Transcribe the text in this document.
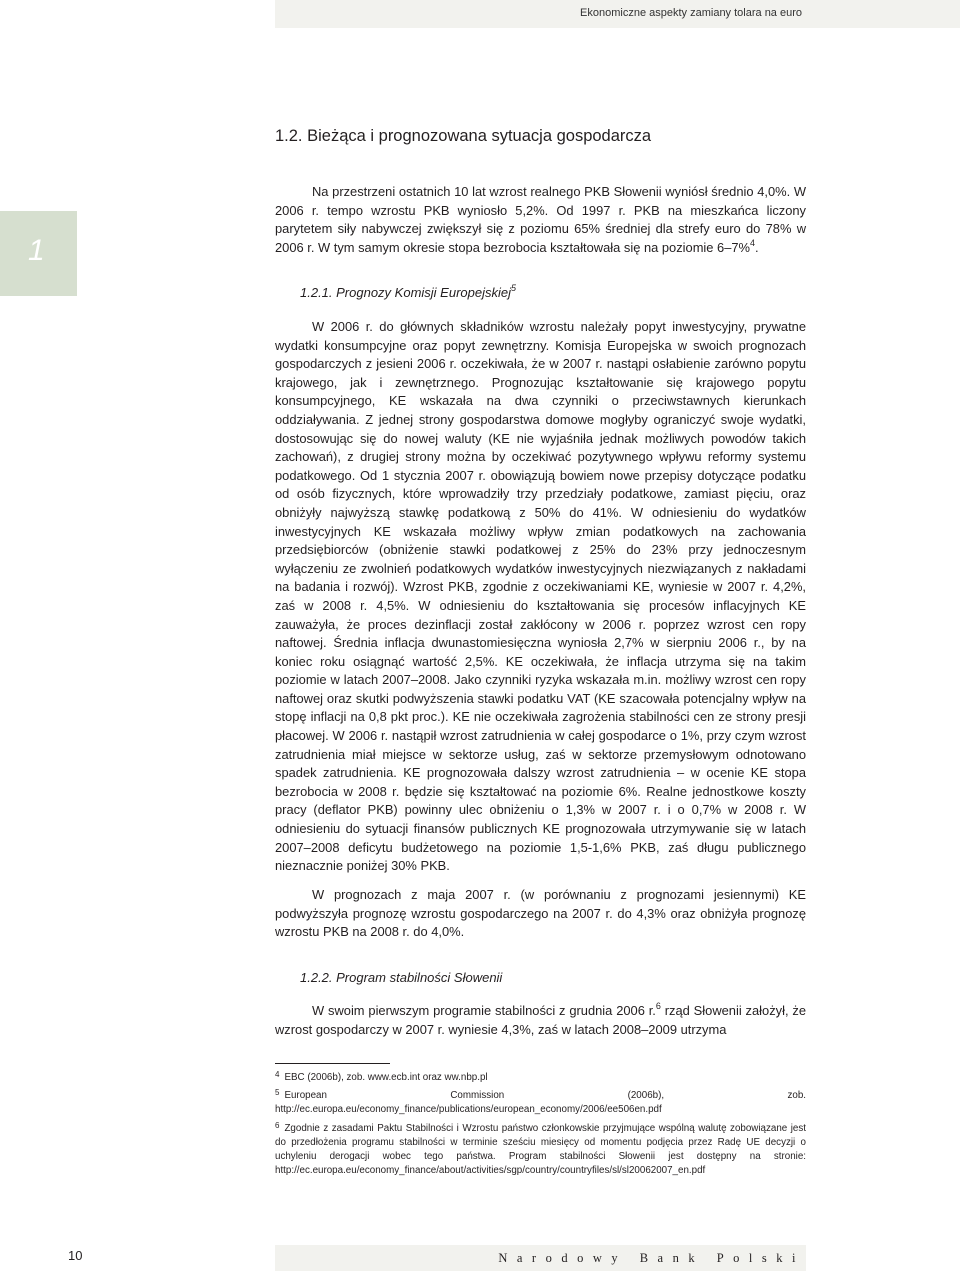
Ekonomiczne aspekty zamiany tolara na euro
1
1.2. Bieżąca i prognozowana sytuacja gospodarcza

Na przestrzeni ostatnich 10 lat wzrost realnego PKB Słowenii wyniósł średnio 4,0%. W 2006 r. tempo wzrostu PKB wyniosło 5,2%. Od 1997 r. PKB na mieszkańca liczony parytetem siły nabywczej zwiększył się z poziomu 65% średniej dla strefy euro do 78% w 2006 r. W tym samym okresie stopa bezrobocia kształtowała się na poziomie 6–7%$^4$.

1.2.1. Prognozy Komisji Europejskiej$^5$

W 2006 r. do głównych składników wzrostu należały popyt inwestycyjny, prywatne wydatki konsumpcyjne oraz popyt zewnętrzny. Komisja Europejska w swoich prognozach gospodarczych z jesieni 2006 r. oczekiwała, że w 2007 r. nastąpi osłabienie zarówno popytu krajowego, jak i zewnętrznego. Prognozując kształtowanie się krajowego popytu konsumpcyjnego, KE wskazała na dwa czynniki o przeciwstawnych kierunkach oddziaływania. Z jednej strony gospodarstwa domowe mogłyby ograniczyć swoje wydatki, dostosowując się do nowej waluty (KE nie wyjaśniła jednak możliwych powodów takich zachowań), z drugiej strony można by oczekiwać pozytywnego wpływu reformy systemu podatkowego. Od 1 stycznia 2007 r. obowiązują bowiem nowe przepisy dotyczące podatku od osób fizycznych, które wprowadziły trzy przedziały podatkowe, zamiast pięciu, oraz obniżyły najwyższą stawkę podatkową z 50% do 41%. W odniesieniu do wydatków inwestycyjnych KE wskazała możliwy wpływ zmian podatkowych na zachowania przedsiębiorców (obniżenie stawki podatkowej z 25% do 23% przy jednoczesnym wyłączeniu ze zwolnień podatkowych wydatków inwestycyjnych niezwiązanych z nakładami na badania i rozwój). Wzrost PKB, zgodnie z oczekiwaniami KE, wyniesie w 2007 r. 4,2%, zaś w 2008 r. 4,5%. W odniesieniu do kształtowania się procesów inflacyjnych KE zauważyła, że proces dezinflacji został zakłócony w 2006 r. poprzez wzrost cen ropy naftowej. Średnia inflacja dwunastomiesięczna wyniosła 2,7% w sierpniu 2006 r., by na koniec roku osiągnąć wartość 2,5%. KE oczekiwała, że inflacja utrzyma się na takim poziomie w latach 2007–2008. Jako czynniki ryzyka wskazała m.in. możliwy wzrost cen ropy naftowej oraz skutki podwyższenia stawki podatku VAT (KE szacowała potencjalny wpływ na stopę inflacji na 0,8 pkt proc.). KE nie oczekiwała zagrożenia stabilności cen ze strony presji płacowej. W 2006 r. nastąpił wzrost zatrudnienia w całej gospodarce o 1%, przy czym wzrost zatrudnienia miał miejsce w sektorze usług, zaś w sektorze przemysłowym odnotowano spadek zatrudnienia. KE prognozowała dalszy wzrost zatrudnienia – w ocenie KE stopa bezrobocia w 2008 r. będzie się kształtować na poziomie 6%. Realne jednostkowe koszty pracy (deflator PKB) powinny ulec obniżeniu o 1,3% w 2007 r. i o 0,7% w 2008 r. W odniesieniu do sytuacji finansów publicznych KE prognozowała utrzymywanie się w latach 2007–2008 deficytu budżetowego na poziomie 1,5-1,6% PKB, zaś długu publicznego nieznacznie poniżej 30% PKB.

W prognozach z maja 2007 r. (w porównaniu z prognozami jesiennymi) KE podwyższyła prognozę wzrostu gospodarczego na 2007 r. do 4,3% oraz obniżyła prognozę wzrostu PKB na 2008 r. do 4,0%.

1.2.2. Program stabilności Słowenii

W swoim pierwszym programie stabilności z grudnia 2006 r.$^6$ rząd Słowenii założył, że wzrost gospodarczy w 2007 r. wyniesie 4,3%, zaś w latach 2008–2009 utrzyma

$^4$ EBC (2006b), zob. www.ecb.int oraz ww.nbp.pl

$^5$ European Commission (2006b), zob. http://ec.europa.eu/economy_finance/publications/european_economy/2006/ee506en.pdf

$^6$ Zgodnie z zasadami Paktu Stabilności i Wzrostu państwo członkowskie przyjmujące wspólną walutę zobowiązane jest do przedłożenia programu stabilności w terminie sześciu miesięcy od momentu podjęcia przez Radę UE decyzji o uchyleniu derogacji wobec tego państwa. Program stabilności Słowenii jest dostępny na stronie: http://ec.europa.eu/economy_finance/about/activities/sgp/country/countryfiles/sl/sl20062007_en.pdf

10	Narodowy Bank Polski
